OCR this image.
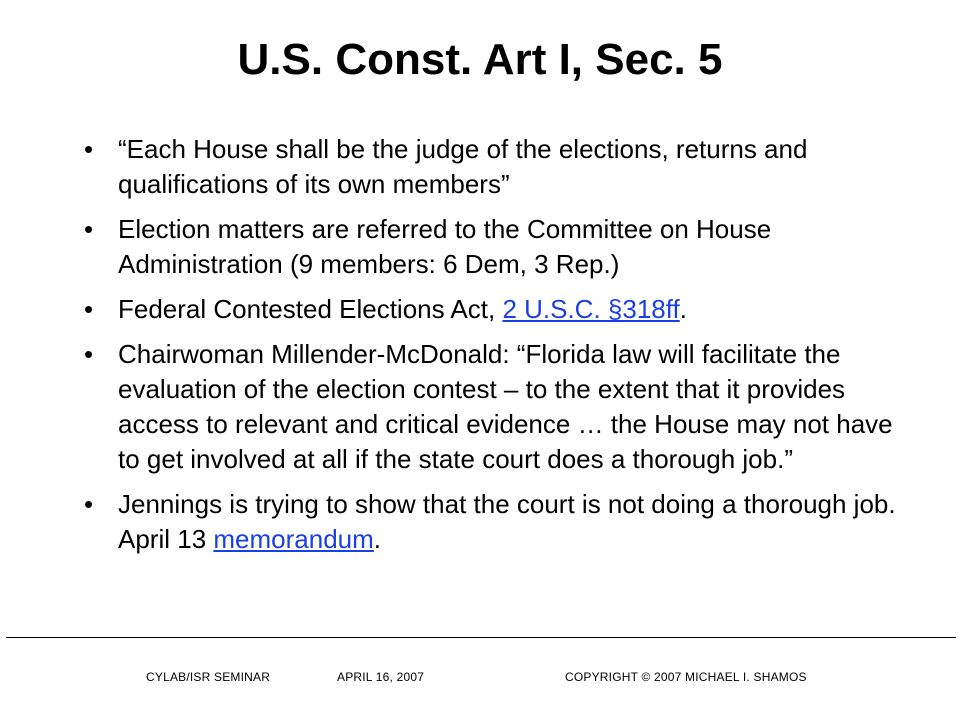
U.S. Const. Art I, Sec. 5
• “Each House shall be the judge of the elections, returns and qualifications of its own members”
• Election matters are referred to the Committee on House Administration (9 members: 6 Dem, 3 Rep.)
• Federal Contested Elections Act, 2 U.S.C. §318ff.
• Chairwoman Millender-McDonald: “Florida law will facilitate the evaluation of the election contest – to the extent that it provides access to relevant and critical evidence … the House may not have to get involved at all if the state court does a thorough job.”
• Jennings is trying to show that the court is not doing a thorough job. April 13 memorandum.
CYLAB/ISR SEMINAR	APRIL 16, 2007	COPYRIGHT © 2007 MICHAEL I. SHAMOS
